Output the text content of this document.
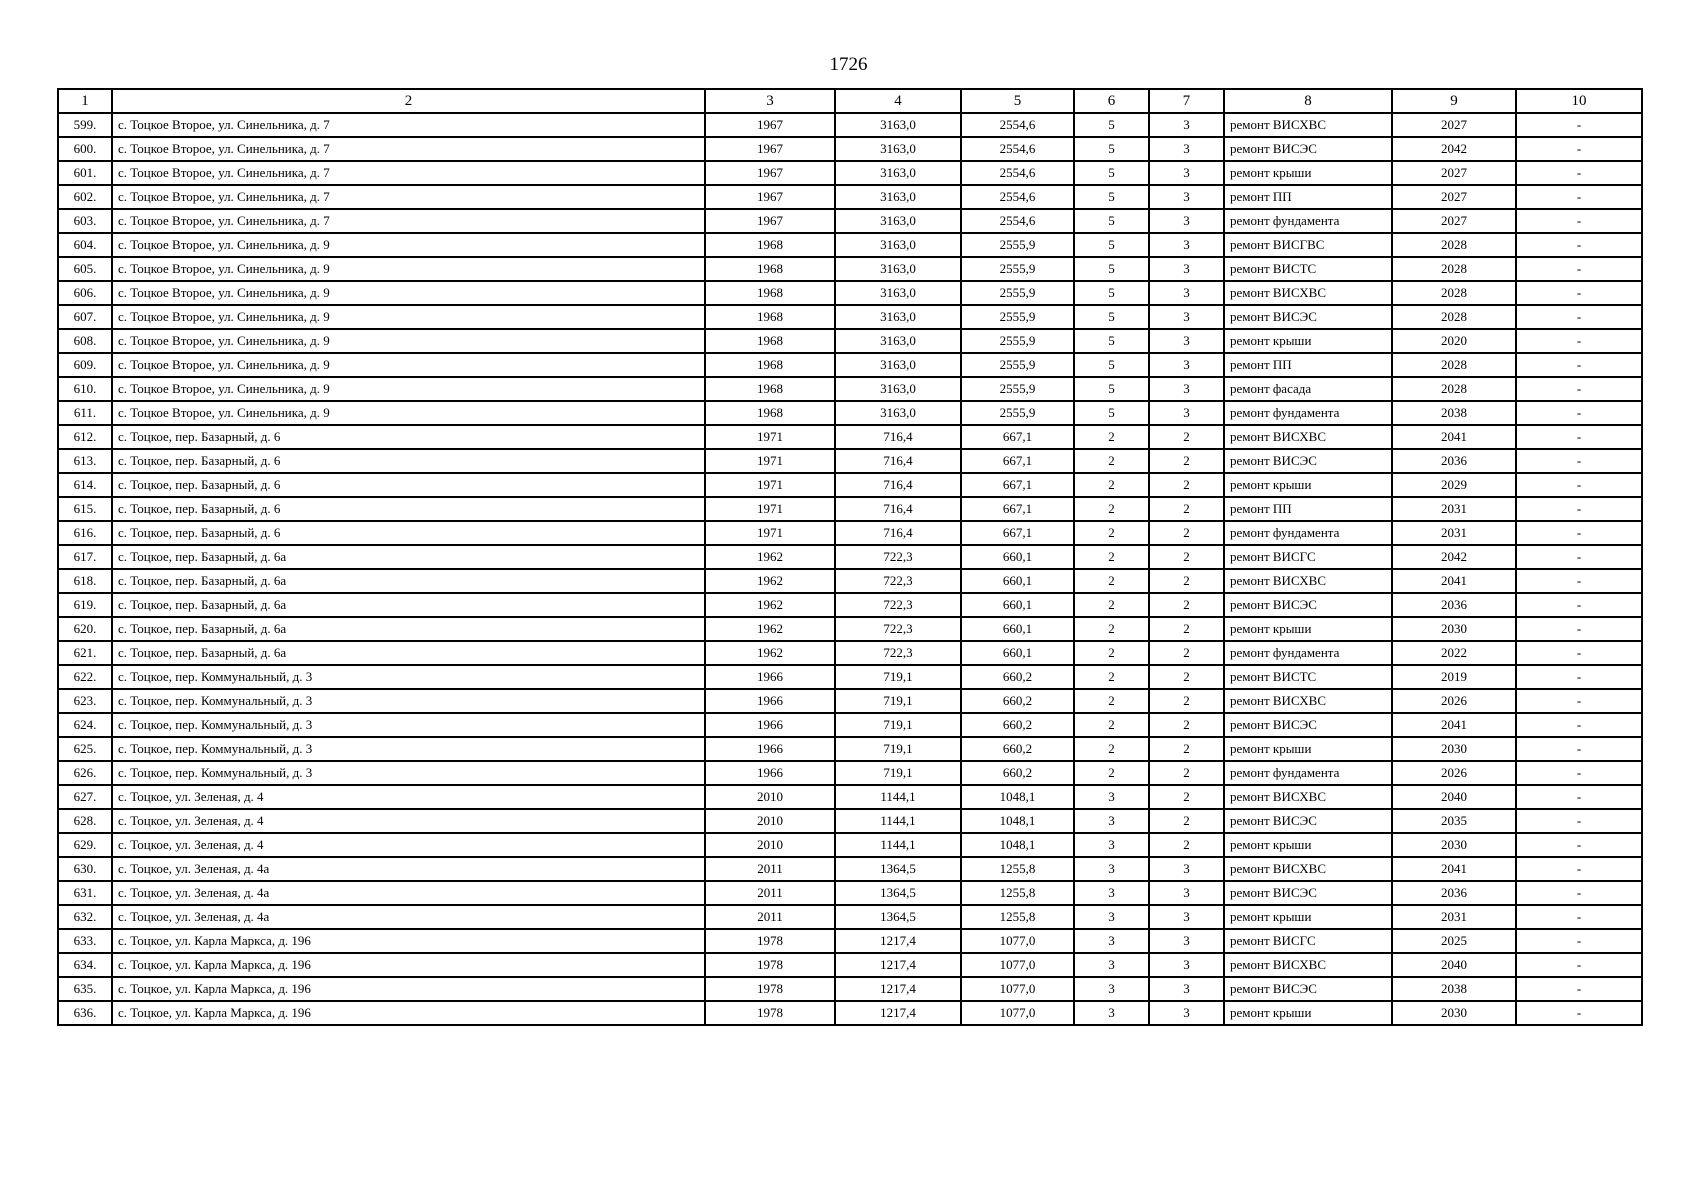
1726
1	2	3	4	5	6	7	8	9	10
599.	с. Тоцкое Второе, ул. Синельника, д. 7	1967	3163,0	2554,6	5	3	ремонт ВИСХВС	2027	-
600.	с. Тоцкое Второе, ул. Синельника, д. 7	1967	3163,0	2554,6	5	3	ремонт ВИСЭС	2042	-
601.	с. Тоцкое Второе, ул. Синельника, д. 7	1967	3163,0	2554,6	5	3	ремонт крыши	2027	-
602.	с. Тоцкое Второе, ул. Синельника, д. 7	1967	3163,0	2554,6	5	3	ремонт ПП	2027	-
603.	с. Тоцкое Второе, ул. Синельника, д. 7	1967	3163,0	2554,6	5	3	ремонт фундамента	2027	-
604.	с. Тоцкое Второе, ул. Синельника, д. 9	1968	3163,0	2555,9	5	3	ремонт ВИСГВС	2028	-
605.	с. Тоцкое Второе, ул. Синельника, д. 9	1968	3163,0	2555,9	5	3	ремонт ВИСТС	2028	-
606.	с. Тоцкое Второе, ул. Синельника, д. 9	1968	3163,0	2555,9	5	3	ремонт ВИСХВС	2028	-
607.	с. Тоцкое Второе, ул. Синельника, д. 9	1968	3163,0	2555,9	5	3	ремонт ВИСЭС	2028	-
608.	с. Тоцкое Второе, ул. Синельника, д. 9	1968	3163,0	2555,9	5	3	ремонт крыши	2020	-
609.	с. Тоцкое Второе, ул. Синельника, д. 9	1968	3163,0	2555,9	5	3	ремонт ПП	2028	-
610.	с. Тоцкое Второе, ул. Синельника, д. 9	1968	3163,0	2555,9	5	3	ремонт фасада	2028	-
611.	с. Тоцкое Второе, ул. Синельника, д. 9	1968	3163,0	2555,9	5	3	ремонт фундамента	2038	-
612.	с. Тоцкое, пер. Базарный, д. 6	1971	716,4	667,1	2	2	ремонт ВИСХВС	2041	-
613.	с. Тоцкое, пер. Базарный, д. 6	1971	716,4	667,1	2	2	ремонт ВИСЭС	2036	-
614.	с. Тоцкое, пер. Базарный, д. 6	1971	716,4	667,1	2	2	ремонт крыши	2029	-
615.	с. Тоцкое, пер. Базарный, д. 6	1971	716,4	667,1	2	2	ремонт ПП	2031	-
616.	с. Тоцкое, пер. Базарный, д. 6	1971	716,4	667,1	2	2	ремонт фундамента	2031	-
617.	с. Тоцкое, пер. Базарный, д. 6а	1962	722,3	660,1	2	2	ремонт ВИСГС	2042	-
618.	с. Тоцкое, пер. Базарный, д. 6а	1962	722,3	660,1	2	2	ремонт ВИСХВС	2041	-
619.	с. Тоцкое, пер. Базарный, д. 6а	1962	722,3	660,1	2	2	ремонт ВИСЭС	2036	-
620.	с. Тоцкое, пер. Базарный, д. 6а	1962	722,3	660,1	2	2	ремонт крыши	2030	-
621.	с. Тоцкое, пер. Базарный, д. 6а	1962	722,3	660,1	2	2	ремонт фундамента	2022	-
622.	с. Тоцкое, пер. Коммунальный, д. 3	1966	719,1	660,2	2	2	ремонт ВИСТС	2019	-
623.	с. Тоцкое, пер. Коммунальный, д. 3	1966	719,1	660,2	2	2	ремонт ВИСХВС	2026	-
624.	с. Тоцкое, пер. Коммунальный, д. 3	1966	719,1	660,2	2	2	ремонт ВИСЭС	2041	-
625.	с. Тоцкое, пер. Коммунальный, д. 3	1966	719,1	660,2	2	2	ремонт крыши	2030	-
626.	с. Тоцкое, пер. Коммунальный, д. 3	1966	719,1	660,2	2	2	ремонт фундамента	2026	-
627.	с. Тоцкое, ул. Зеленая, д. 4	2010	1144,1	1048,1	3	2	ремонт ВИСХВС	2040	-
628.	с. Тоцкое, ул. Зеленая, д. 4	2010	1144,1	1048,1	3	2	ремонт ВИСЭС	2035	-
629.	с. Тоцкое, ул. Зеленая, д. 4	2010	1144,1	1048,1	3	2	ремонт крыши	2030	-
630.	с. Тоцкое, ул. Зеленая, д. 4а	2011	1364,5	1255,8	3	3	ремонт ВИСХВС	2041	-
631.	с. Тоцкое, ул. Зеленая, д. 4а	2011	1364,5	1255,8	3	3	ремонт ВИСЭС	2036	-
632.	с. Тоцкое, ул. Зеленая, д. 4а	2011	1364,5	1255,8	3	3	ремонт крыши	2031	-
633.	с. Тоцкое, ул. Карла Маркса, д. 196	1978	1217,4	1077,0	3	3	ремонт ВИСГС	2025	-
634.	с. Тоцкое, ул. Карла Маркса, д. 196	1978	1217,4	1077,0	3	3	ремонт ВИСХВС	2040	-
635.	с. Тоцкое, ул. Карла Маркса, д. 196	1978	1217,4	1077,0	3	3	ремонт ВИСЭС	2038	-
636.	с. Тоцкое, ул. Карла Маркса, д. 196	1978	1217,4	1077,0	3	3	ремонт крыши	2030	-
